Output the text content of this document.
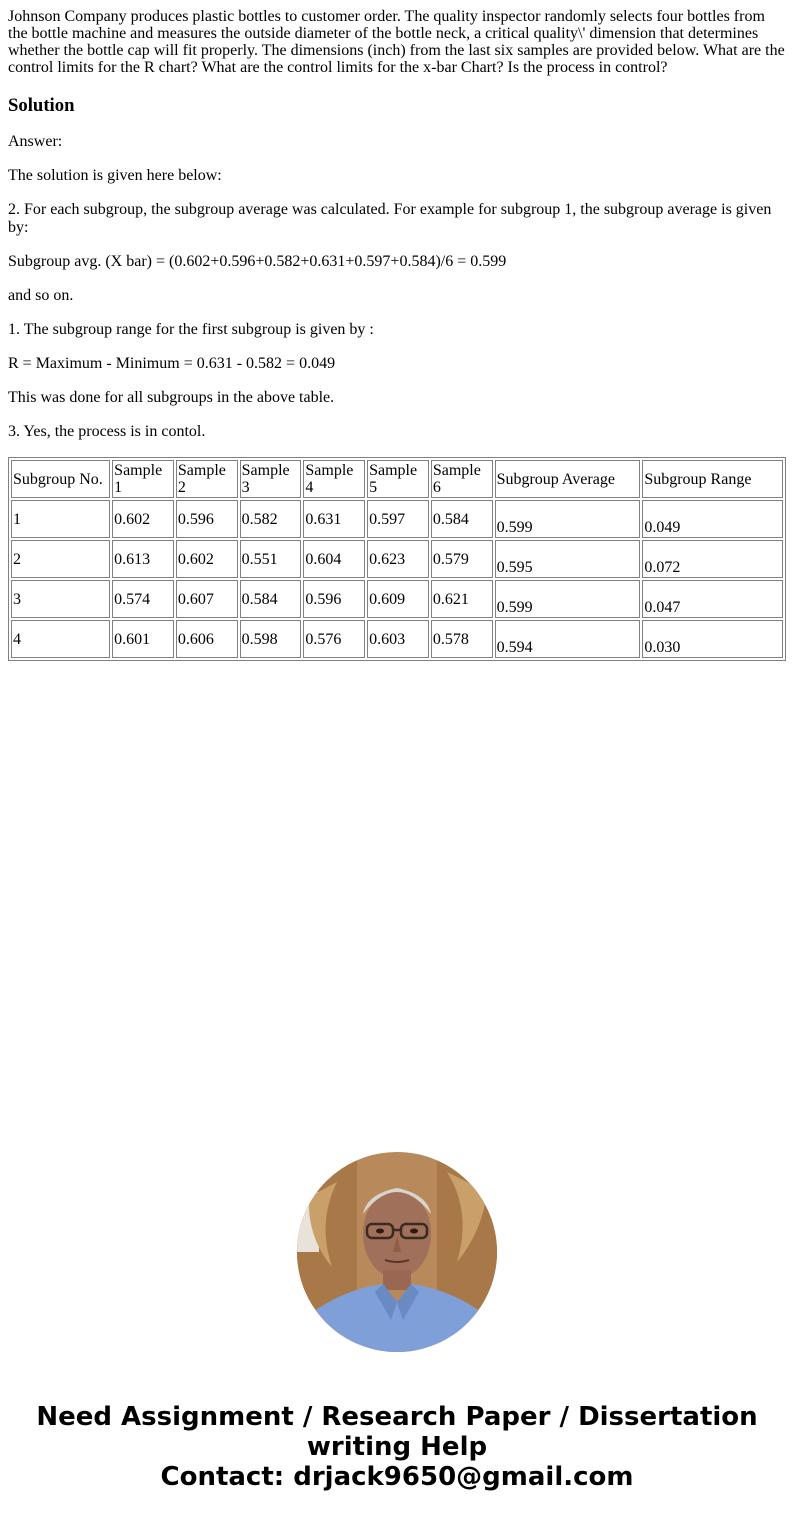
Johnson Company produces plastic bottles to customer order. The quality inspector randomly selects four bottles from the bottle machine and measures the outside diameter of the bottle neck, a critical quality\' dimension that determines whether the bottle cap will fit properly. The dimensions (inch) from the last six samples are provided below. What are the control limits for the R chart? What are the control limits for the x-bar Chart? Is the process in control?

Solution

Answer:

The solution is given here below:

2. For each subgroup, the subgroup average was calculated. For example for subgroup 1, the subgroup average is given by:

Subgroup avg. (X bar) = (0.602+0.596+0.582+0.631+0.597+0.584)/6 = 0.599

and so on.

1. The subgroup range for the first subgroup is given by :

R = Maximum - Minimum = 0.631 - 0.582 = 0.049

This was done for all subgroups in the above table.

3. Yes, the process is in contol.

Subgroup No.	Sample 1	Sample 2	Sample 3	Sample 4	Sample 5	Sample 6	Subgroup Average	Subgroup Range
1	0.602	0.596	0.582	0.631	0.597	0.584	0.599	0.049
2	0.613	0.602	0.551	0.604	0.623	0.579	0.595	0.072
3	0.574	0.607	0.584	0.596	0.609	0.621	0.599	0.047
4	0.601	0.606	0.598	0.576	0.603	0.578	0.594	0.030
Need Assignment / Research Paper / Dissertation
writing Help
Contact: drjack9650@gmail.com
